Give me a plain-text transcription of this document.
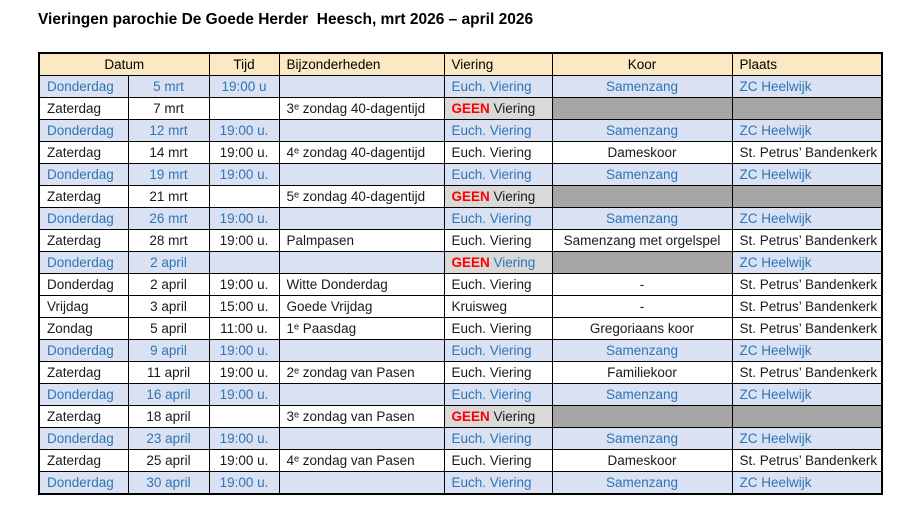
Vieringen parochie De Goede Herder  Heesch, mrt 2026 – april 2026
Datum		Tijd	Bijzonderheden	Viering	Koor	Plaats
Donderdag	5 mrt	19:00 u		Euch. Viering	Samenzang	ZC Heelwijk
Zaterdag	7 mrt		3ᵉ zondag 40-dagentijd	GEEN Viering		
Donderdag	12 mrt	19:00 u.		Euch. Viering	Samenzang	ZC Heelwijk
Zaterdag	14 mrt	19:00 u.	4ᵉ zondag 40-dagentijd	Euch. Viering	Dameskoor	St. Petrus’ Bandenkerk
Donderdag	19 mrt	19:00 u.		Euch. Viering	Samenzang	ZC Heelwijk
Zaterdag	21 mrt		5ᵉ zondag 40-dagentijd	GEEN Viering		
Donderdag	26 mrt	19:00 u.		Euch. Viering	Samenzang	ZC Heelwijk
Zaterdag	28 mrt	19:00 u.	Palmpasen	Euch. Viering	Samenzang met orgelspel	St. Petrus’ Bandenkerk
Donderdag	2 april			GEEN Viering		ZC Heelwijk
Donderdag	2 april	19:00 u.	Witte Donderdag	Euch. Viering	-	St. Petrus’ Bandenkerk
Vrijdag	3 april	15:00 u.	Goede Vrijdag	Kruisweg	-	St. Petrus’ Bandenkerk
Zondag	5 april	11:00 u.	1ᵉ Paasdag	Euch. Viering	Gregoriaans koor	St. Petrus’ Bandenkerk
Donderdag	9 april	19:00 u.		Euch. Viering	Samenzang	ZC Heelwijk
Zaterdag	11 april	19:00 u.	2ᵉ zondag van Pasen	Euch. Viering	Familiekoor	St. Petrus’ Bandenkerk
Donderdag	16 april	19:00 u.		Euch. Viering	Samenzang	ZC Heelwijk
Zaterdag	18 april		3ᵉ zondag van Pasen	GEEN Viering		
Donderdag	23 april	19:00 u.		Euch. Viering	Samenzang	ZC Heelwijk
Zaterdag	25 april	19:00 u.	4ᵉ zondag van Pasen	Euch. Viering	Dameskoor	St. Petrus’ Bandenkerk
Donderdag	30 april	19:00 u.		Euch. Viering	Samenzang	ZC Heelwijk
